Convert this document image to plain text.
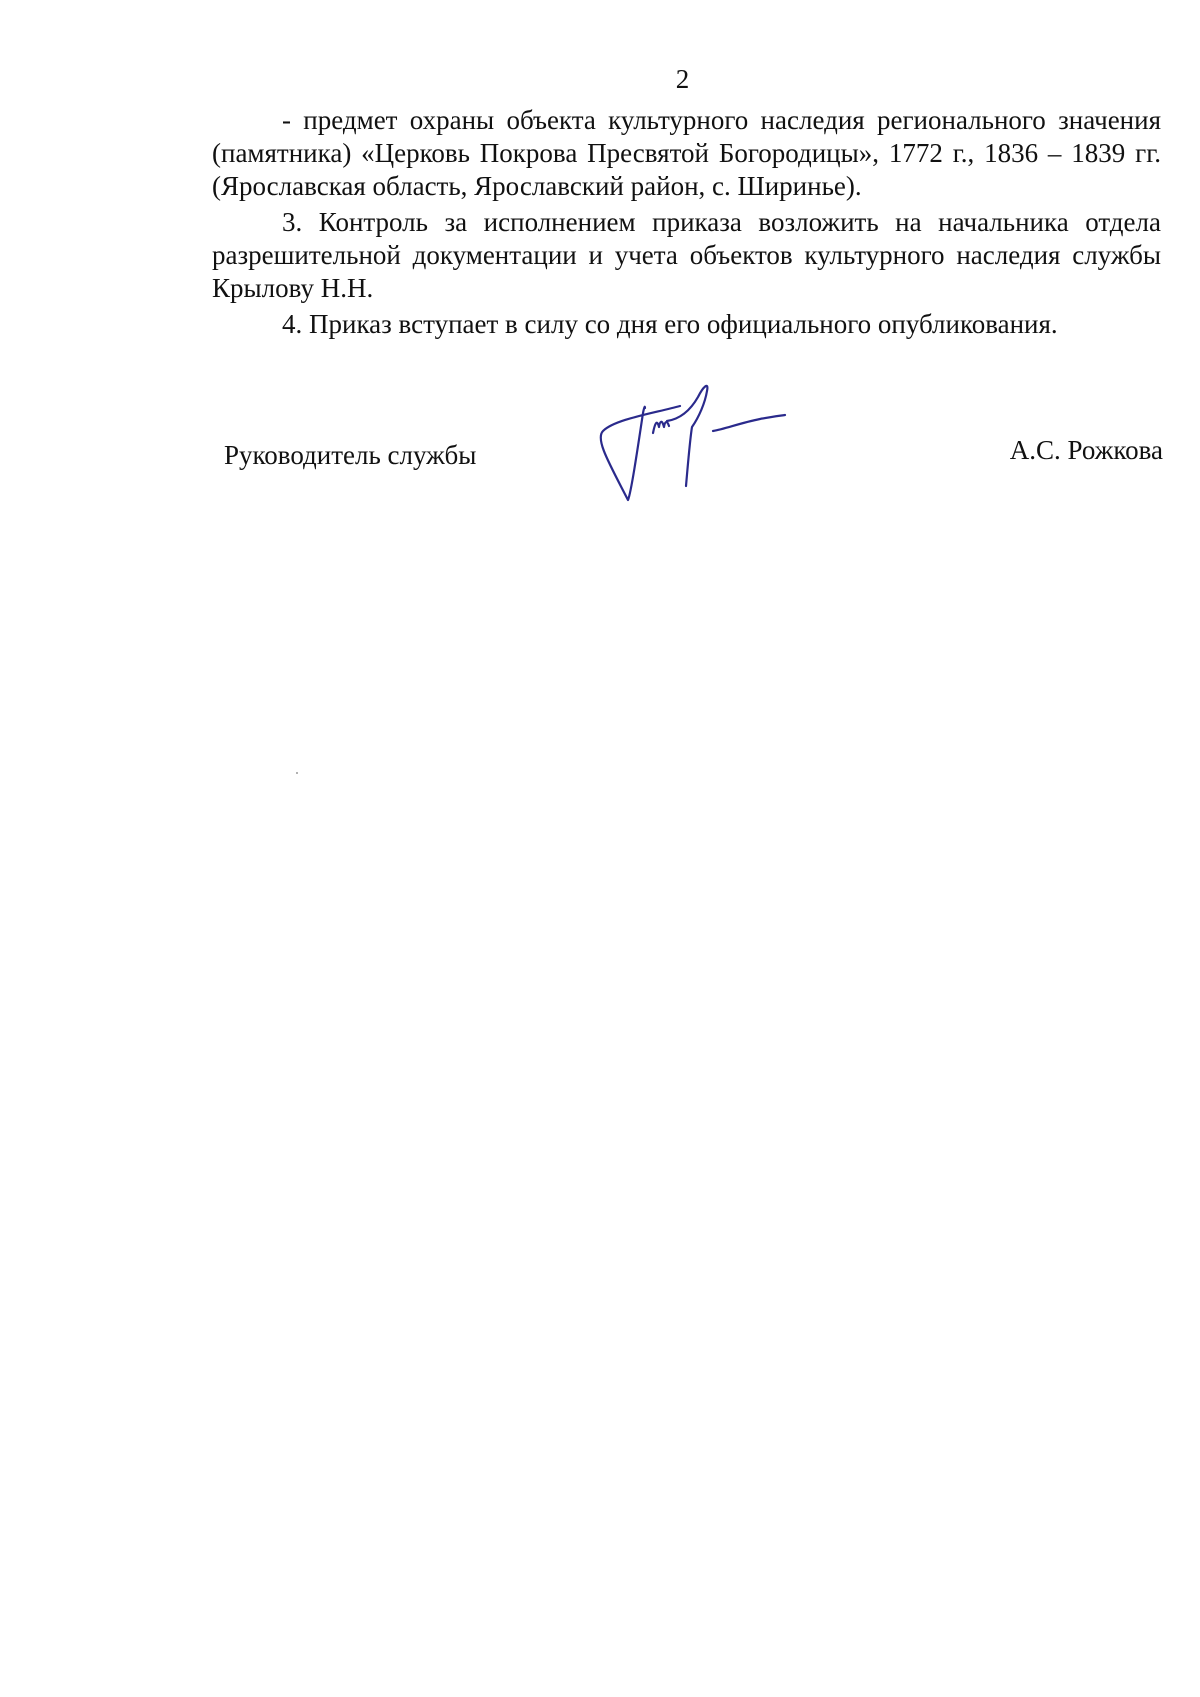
2

- предмет охраны объекта культурного наследия регионального значения (памятника) «Церковь Покрова Пресвятой Богородицы», 1772 г., 1836 – 1839 гг. (Ярославская область, Ярославский район, с. Ширинье).

3. Контроль за исполнением приказа возложить на начальника отдела разрешительной документации и учета объектов культурного наследия службы Крылову Н.Н.

4. Приказ вступает в силу со дня его официального опубликования.

Руководитель службы	А.С. Рожкова
